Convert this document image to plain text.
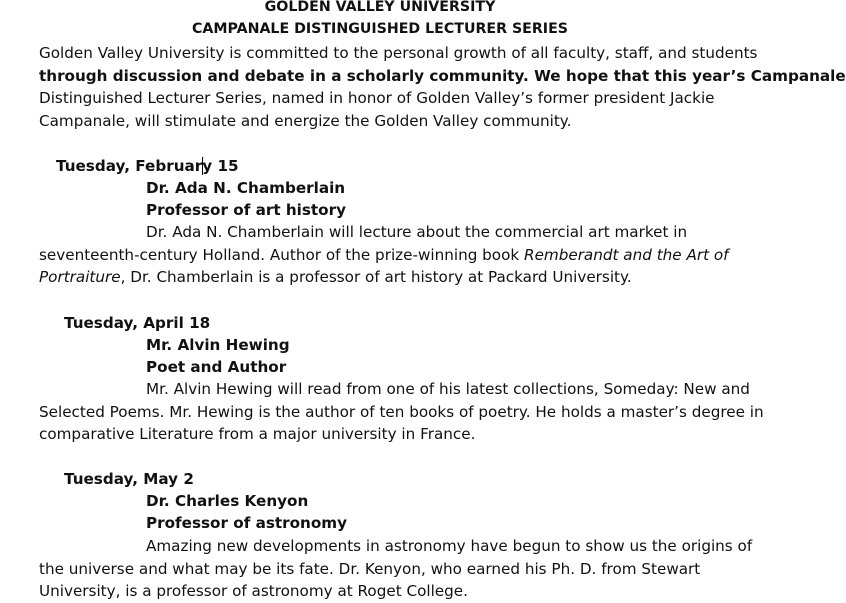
GOLDEN VALLEY UNIVERSITY
CAMPANALE DISTINGUISHED LECTURER SERIES
Golden Valley University is committed to the personal growth of all faculty, staff, and students
through discussion and debate in a scholarly community. We hope that this year’s Campanale
Distinguished Lecturer Series, named in honor of Golden Valley’s former president Jackie
Campanale, will stimulate and energize the Golden Valley community.
Tuesday, February 15
Dr. Ada N. Chamberlain
Professor of art history
Dr. Ada N. Chamberlain will lecture about the commercial art market in
seventeenth-century Holland. Author of the prize-winning book Remberandt and the Art of
Portraiture, Dr. Chamberlain is a professor of art history at Packard University.
Tuesday, April 18
Mr. Alvin Hewing
Poet and Author
Mr. Alvin Hewing will read from one of his latest collections, Someday: New and
Selected Poems. Mr. Hewing is the author of ten books of poetry. He holds a master’s degree in
comparative Literature from a major university in France.
Tuesday, May 2
Dr. Charles Kenyon
Professor of astronomy
Amazing new developments in astronomy have begun to show us the origins of
the universe and what may be its fate. Dr. Kenyon, who earned his Ph. D. from Stewart
University, is a professor of astronomy at Roget College.
